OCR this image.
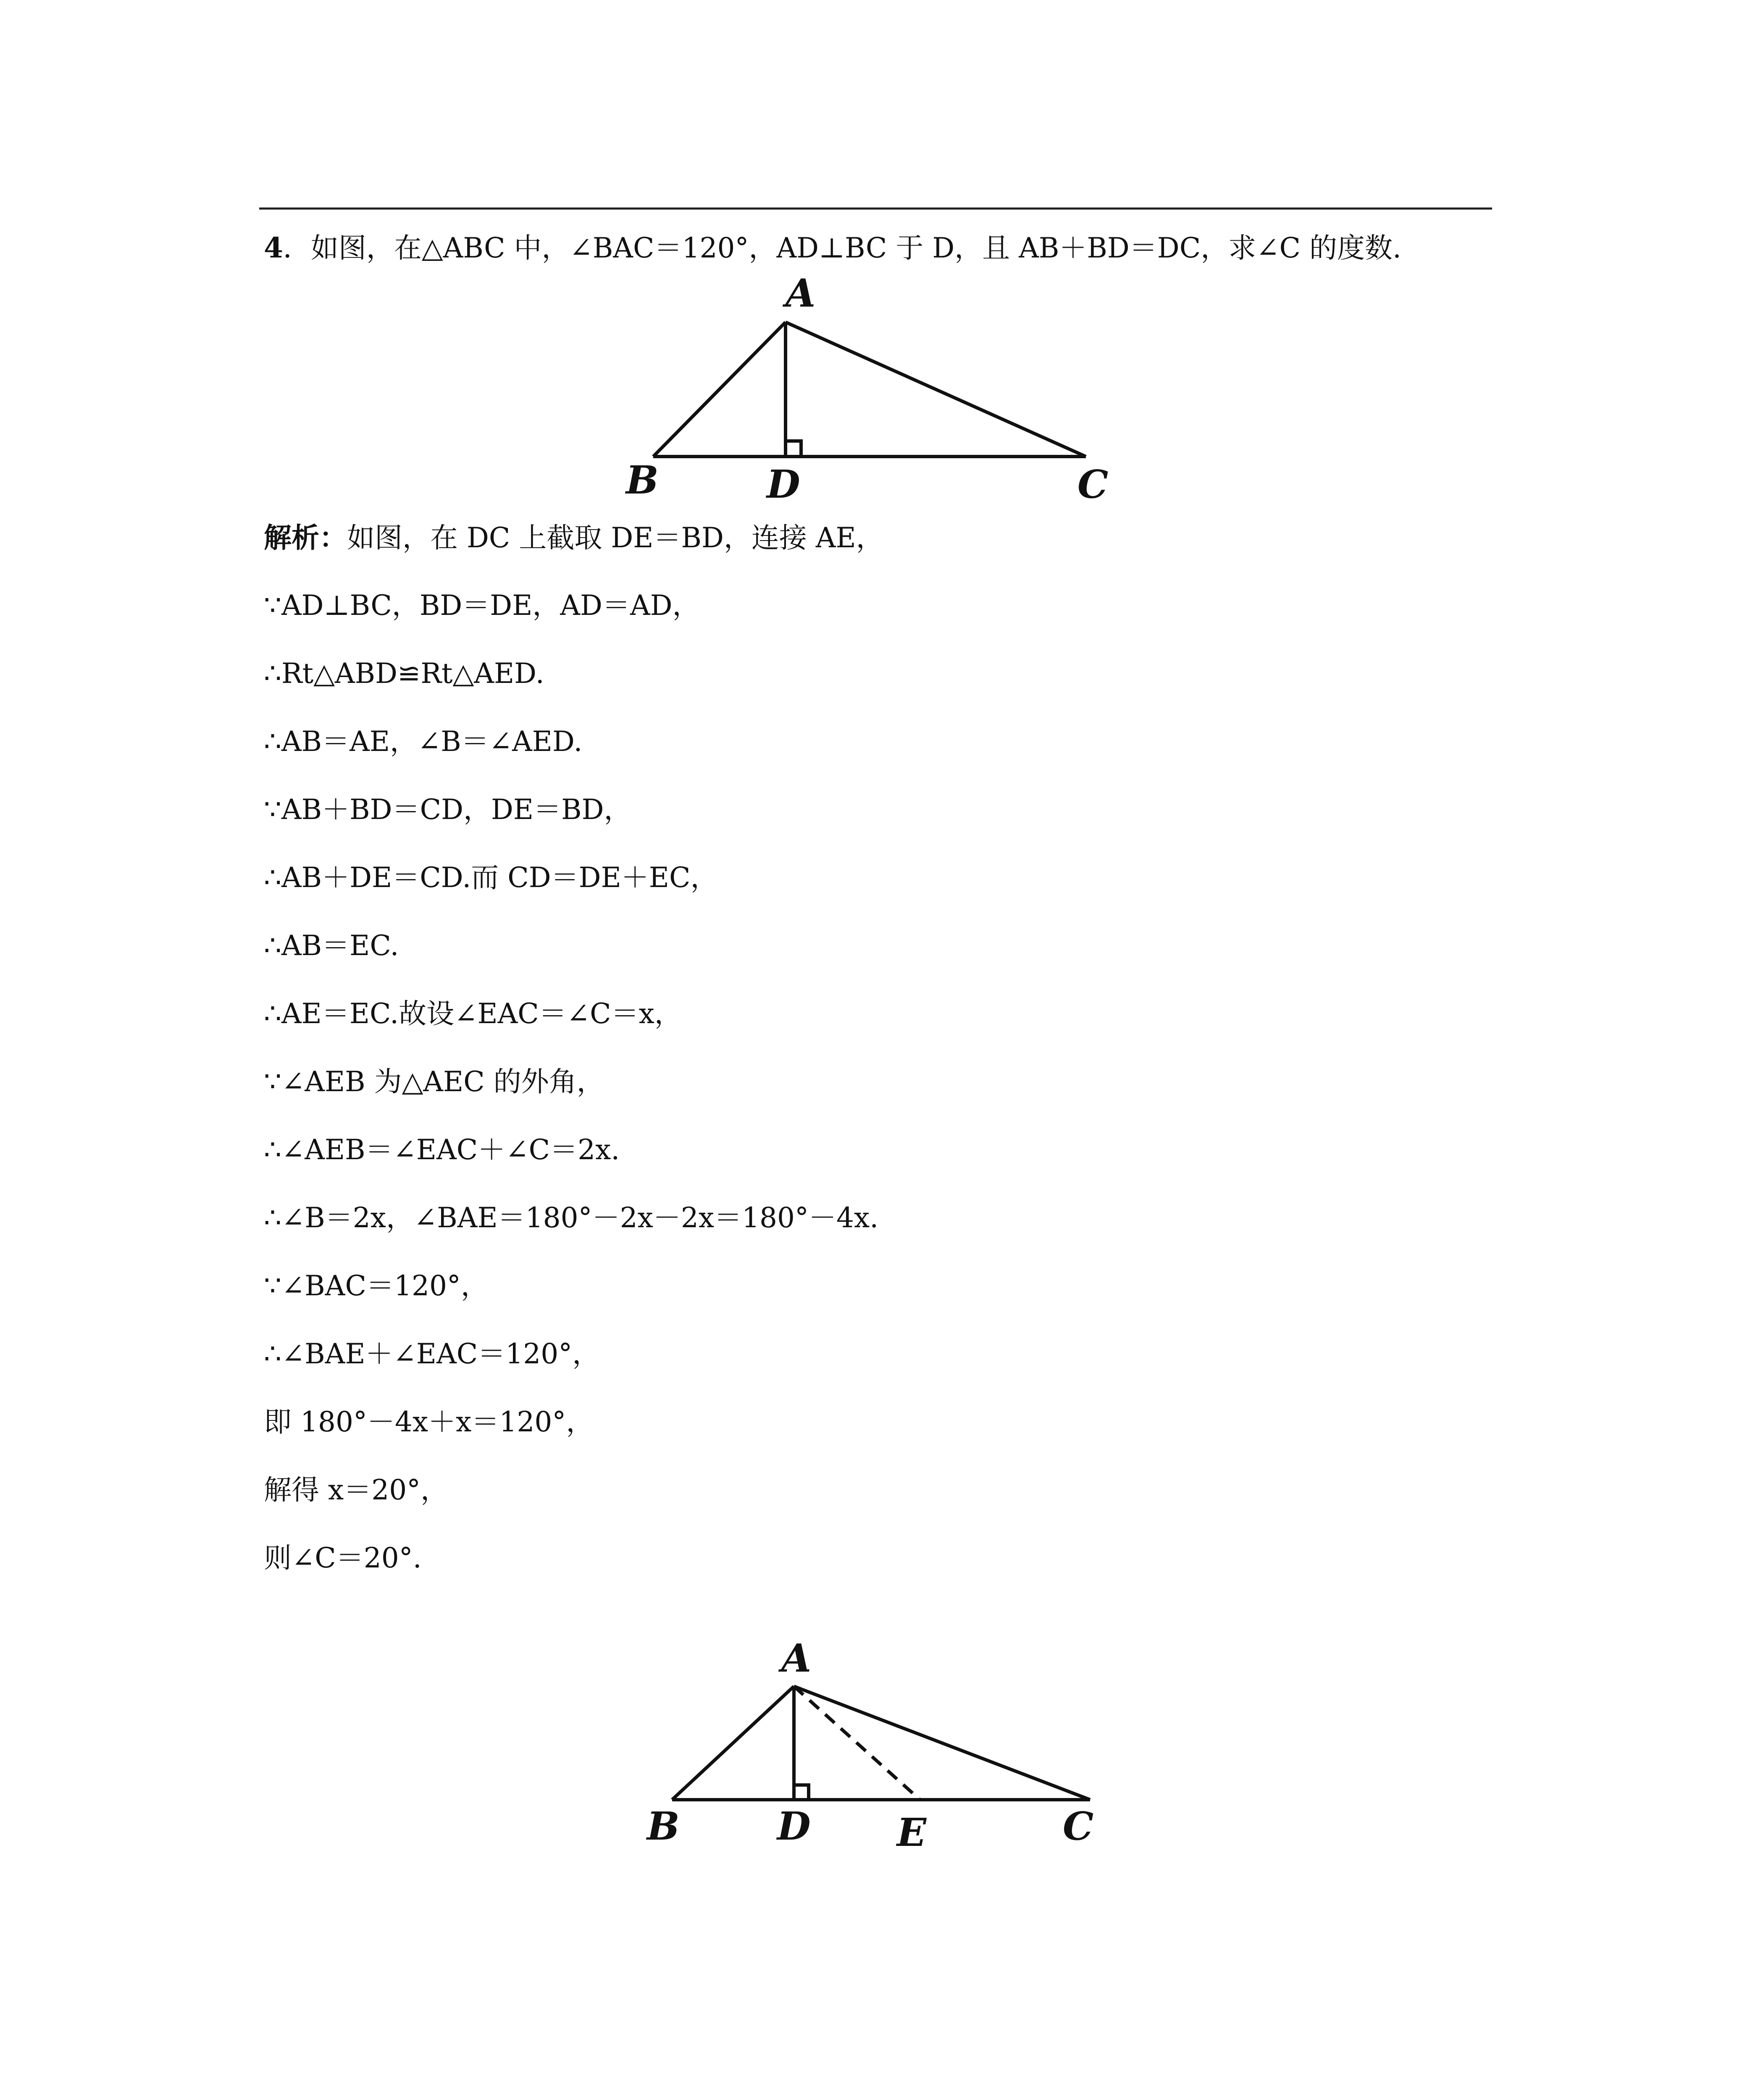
4．如图，在△ABC 中，∠BAC＝120°，AD⊥BC 于 D，且 AB＋BD＝DC，求∠C 的度数.
A
B	D	C
解析：如图，在 DC 上截取 DE＝BD，连接 AE，
∵AD⊥BC，BD＝DE，AD＝AD，
∴Rt△ABD≌Rt△AED.
∴AB＝AE，∠B＝∠AED.
∵AB＋BD＝CD，DE＝BD，
∴AB＋DE＝CD.而 CD＝DE＋EC，
∴AB＝EC.
∴AE＝EC.故设∠EAC＝∠C＝x，
∵∠AEB 为△AEC 的外角，
∴∠AEB＝∠EAC＋∠C＝2x.
∴∠B＝2x，∠BAE＝180°－2x－2x＝180°－4x.
∵∠BAC＝120°，
∴∠BAE＋∠EAC＝120°，
即 180°－4x＋x＝120°，
解得 x＝20°，
则∠C＝20°.
A
B	D E	C
